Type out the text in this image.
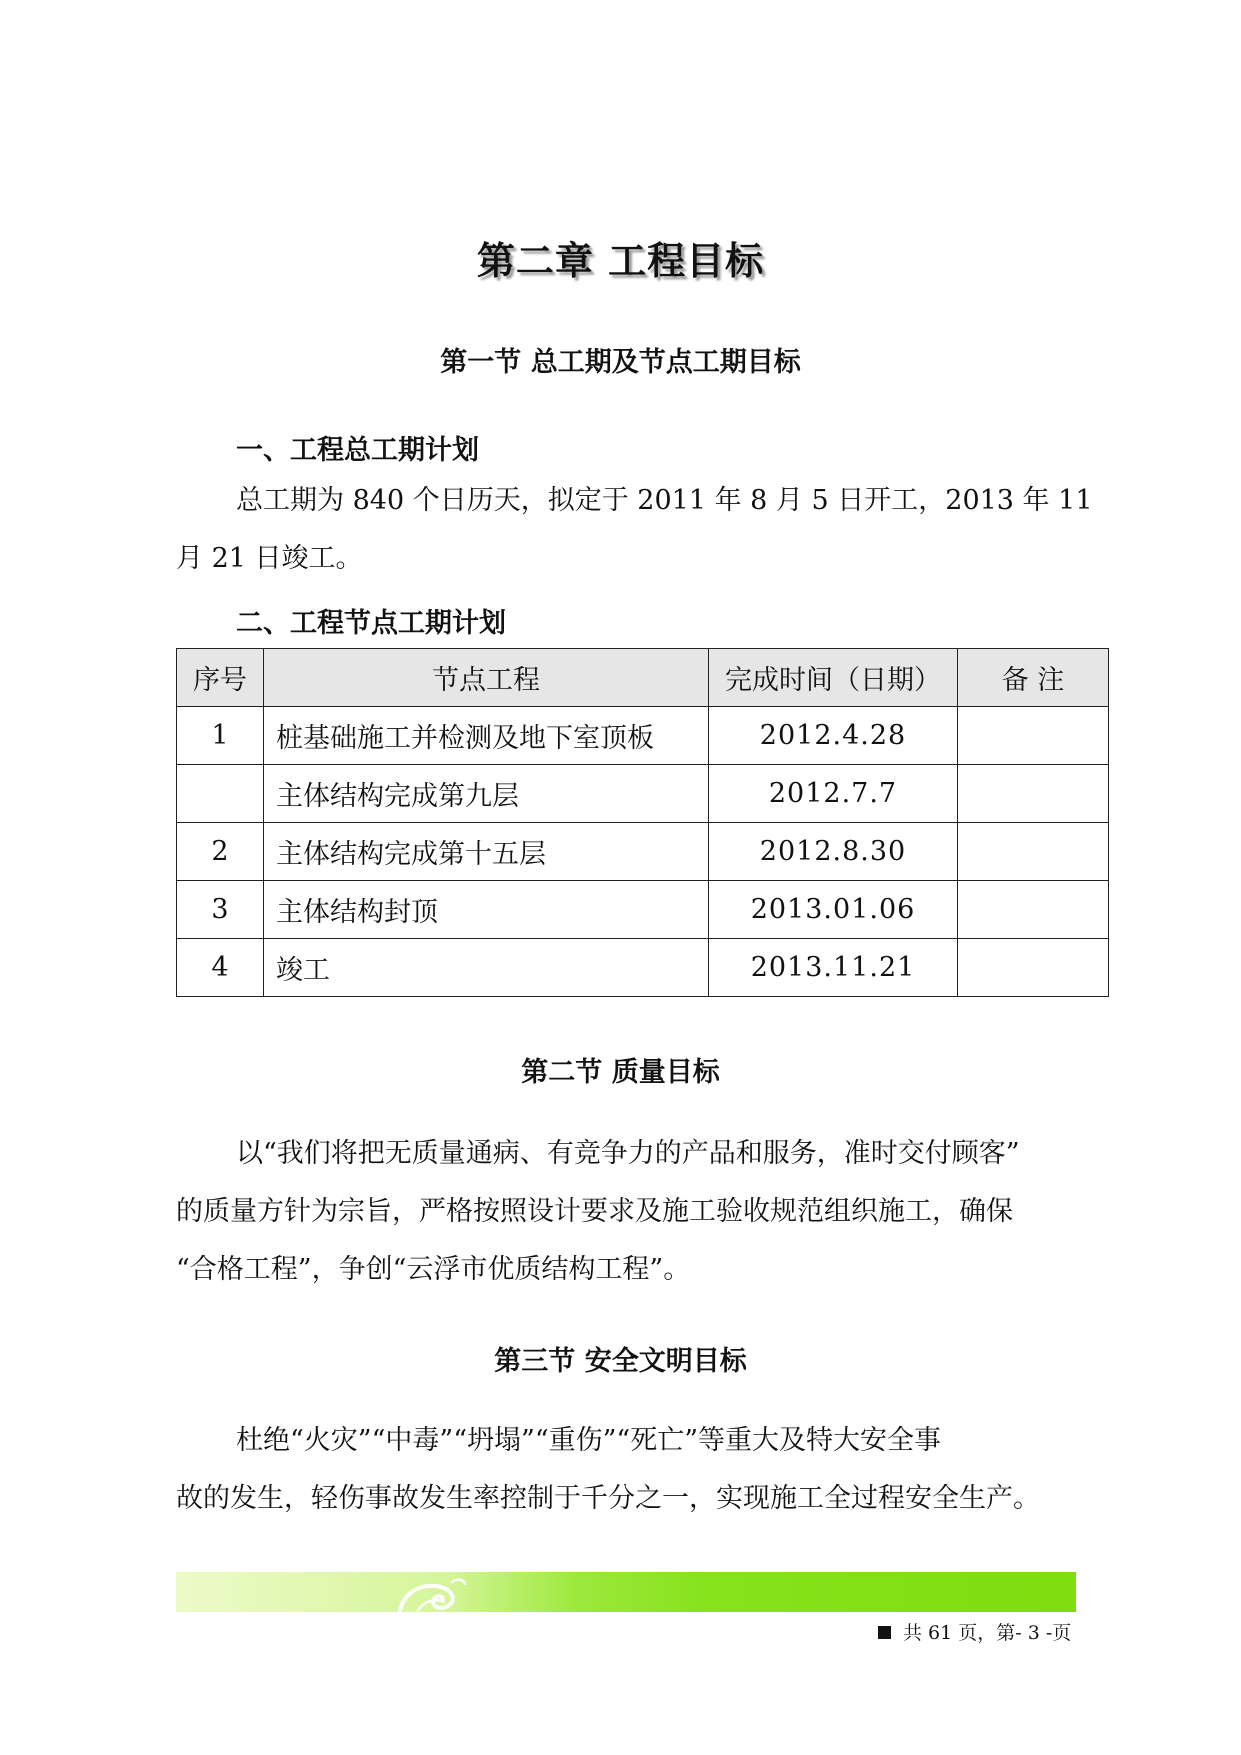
第二章 工程目标
第一节 总工期及节点工期目标
一、工程总工期计划
总工期为 840 个日历天，拟定于 2011 年 8 月 5 日开工，2013 年 11
月 21 日竣工。
二、工程节点工期计划
序号	节点工程	完成时间（日期）	备 注
1	桩基础施工并检测及地下室顶板	2012.4.28	
	主体结构完成第九层	2012.7.7	
2	主体结构完成第十五层	2012.8.30	
3	主体结构封顶	2013.01.06	
4	竣工	2013.11.21	
第二节 质量目标
以“我们将把无质量通病、有竞争力的产品和服务，准时交付顾客”
的质量方针为宗旨，严格按照设计要求及施工验收规范组织施工，确保
“合格工程”，争创“云浮市优质结构工程”。
第三节 安全文明目标
杜绝“火灾”“中毒”“坍塌”“重伤”“死亡”等重大及特大安全事
故的发生，轻伤事故发生率控制于千分之一，实现施工全过程安全生产。
共 61 页，第- 3 -页
